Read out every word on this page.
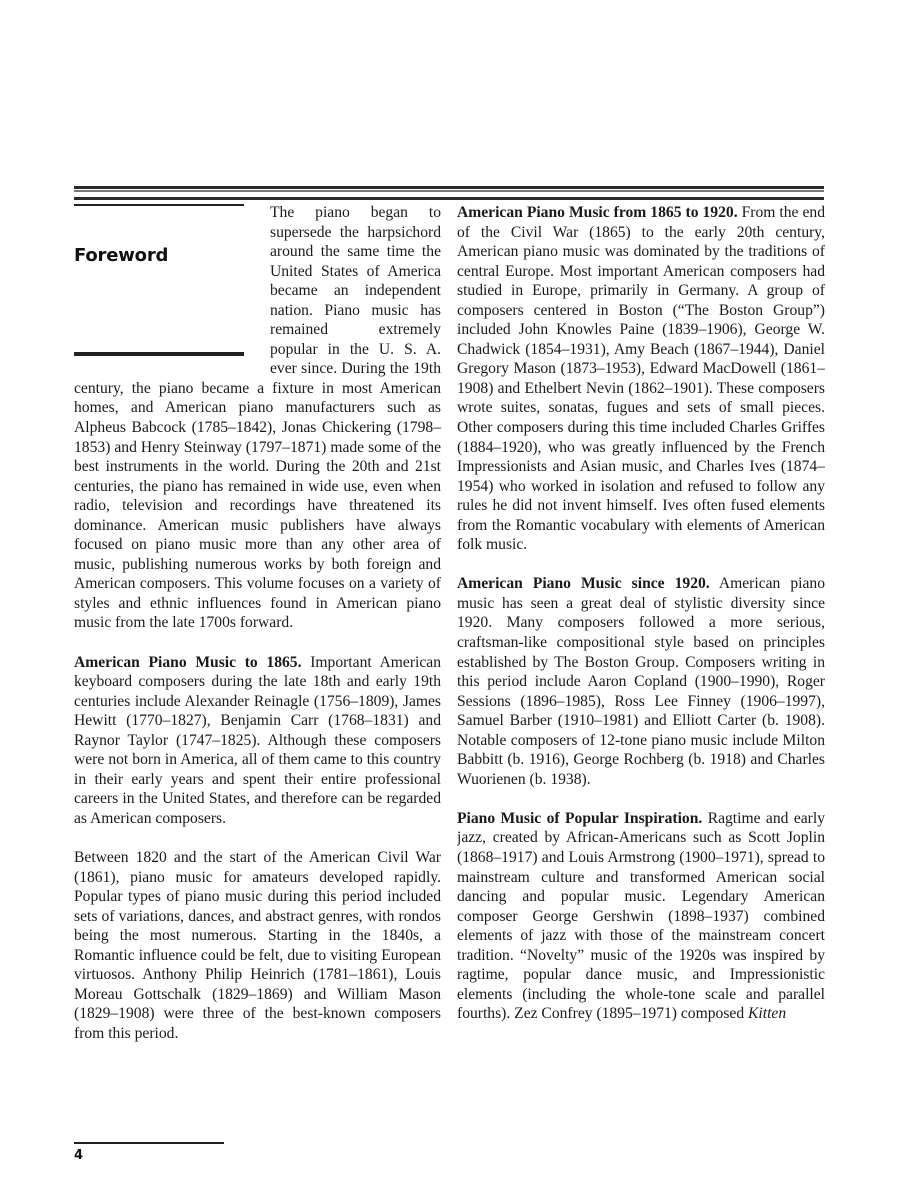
Foreword

The piano began to supersede the harpsichord around the same time the United States of America became an independent nation. Piano music has remained extremely popular in the U. S. A. ever since. During the 19th century, the piano became a fixture in most American homes, and American piano manufacturers such as Alpheus Babcock (1785–1842), Jonas Chickering (1798–1853) and Henry Steinway (1797–1871) made some of the best instruments in the world. During the 20th and 21st centuries, the piano has remained in wide use, even when radio, television and recordings have threatened its dominance. American music publishers have always focused on piano music more than any other area of music, publishing numerous works by both foreign and American composers. This volume focuses on a variety of styles and ethnic influences found in American piano music from the late 1700s forward.

American Piano Music to 1865. Important American keyboard composers during the late 18th and early 19th centuries include Alexander Reinagle (1756–1809), James Hewitt (1770–1827), Benjamin Carr (1768–1831) and Raynor Taylor (1747–1825). Although these composers were not born in America, all of them came to this country in their early years and spent their entire professional careers in the United States, and therefore can be regarded as American composers.

Between 1820 and the start of the American Civil War (1861), piano music for amateurs developed rapidly. Popular types of piano music during this period included sets of variations, dances, and abstract genres, with rondos being the most numerous. Starting in the 1840s, a Romantic influence could be felt, due to visiting European virtuosos. Anthony Philip Heinrich (1781–1861), Louis Moreau Gottschalk (1829–1869) and William Mason (1829–1908) were three of the best-known composers from this period.

American Piano Music from 1865 to 1920. From the end of the Civil War (1865) to the early 20th century, American piano music was dominated by the traditions of central Europe. Most important American composers had studied in Europe, primarily in Germany. A group of composers centered in Boston (“The Boston Group”) included John Knowles Paine (1839–1906), George W. Chadwick (1854–1931), Amy Beach (1867–1944), Daniel Gregory Mason (1873–1953), Edward MacDowell (1861–1908) and Ethelbert Nevin (1862–1901). These composers wrote suites, sonatas, fugues and sets of small pieces. Other composers during this time included Charles Griffes (1884–1920), who was greatly influenced by the French Impressionists and Asian music, and Charles Ives (1874–1954) who worked in isolation and refused to follow any rules he did not invent himself. Ives often fused elements from the Romantic vocabulary with elements of American folk music.

American Piano Music since 1920. American piano music has seen a great deal of stylistic diversity since 1920. Many composers followed a more serious, craftsman-like compositional style based on principles established by The Boston Group. Composers writing in this period include Aaron Copland (1900–1990), Roger Sessions (1896–1985), Ross Lee Finney (1906–1997), Samuel Barber (1910–1981) and Elliott Carter (b. 1908). Notable composers of 12-tone piano music include Milton Babbitt (b. 1916), George Rochberg (b. 1918) and Charles Wuorienen (b. 1938).

Piano Music of Popular Inspiration. Ragtime and early jazz, created by African-Americans such as Scott Joplin (1868–1917) and Louis Armstrong (1900–1971), spread to mainstream culture and transformed American social dancing and popular music. Legendary American composer George Gershwin (1898–1937) combined elements of jazz with those of the mainstream concert tradition. “Novelty” music of the 1920s was inspired by ragtime, popular dance music, and Impressionistic elements (including the whole-tone scale and parallel fourths). Zez Confrey (1895–1971) composed Kitten

4
